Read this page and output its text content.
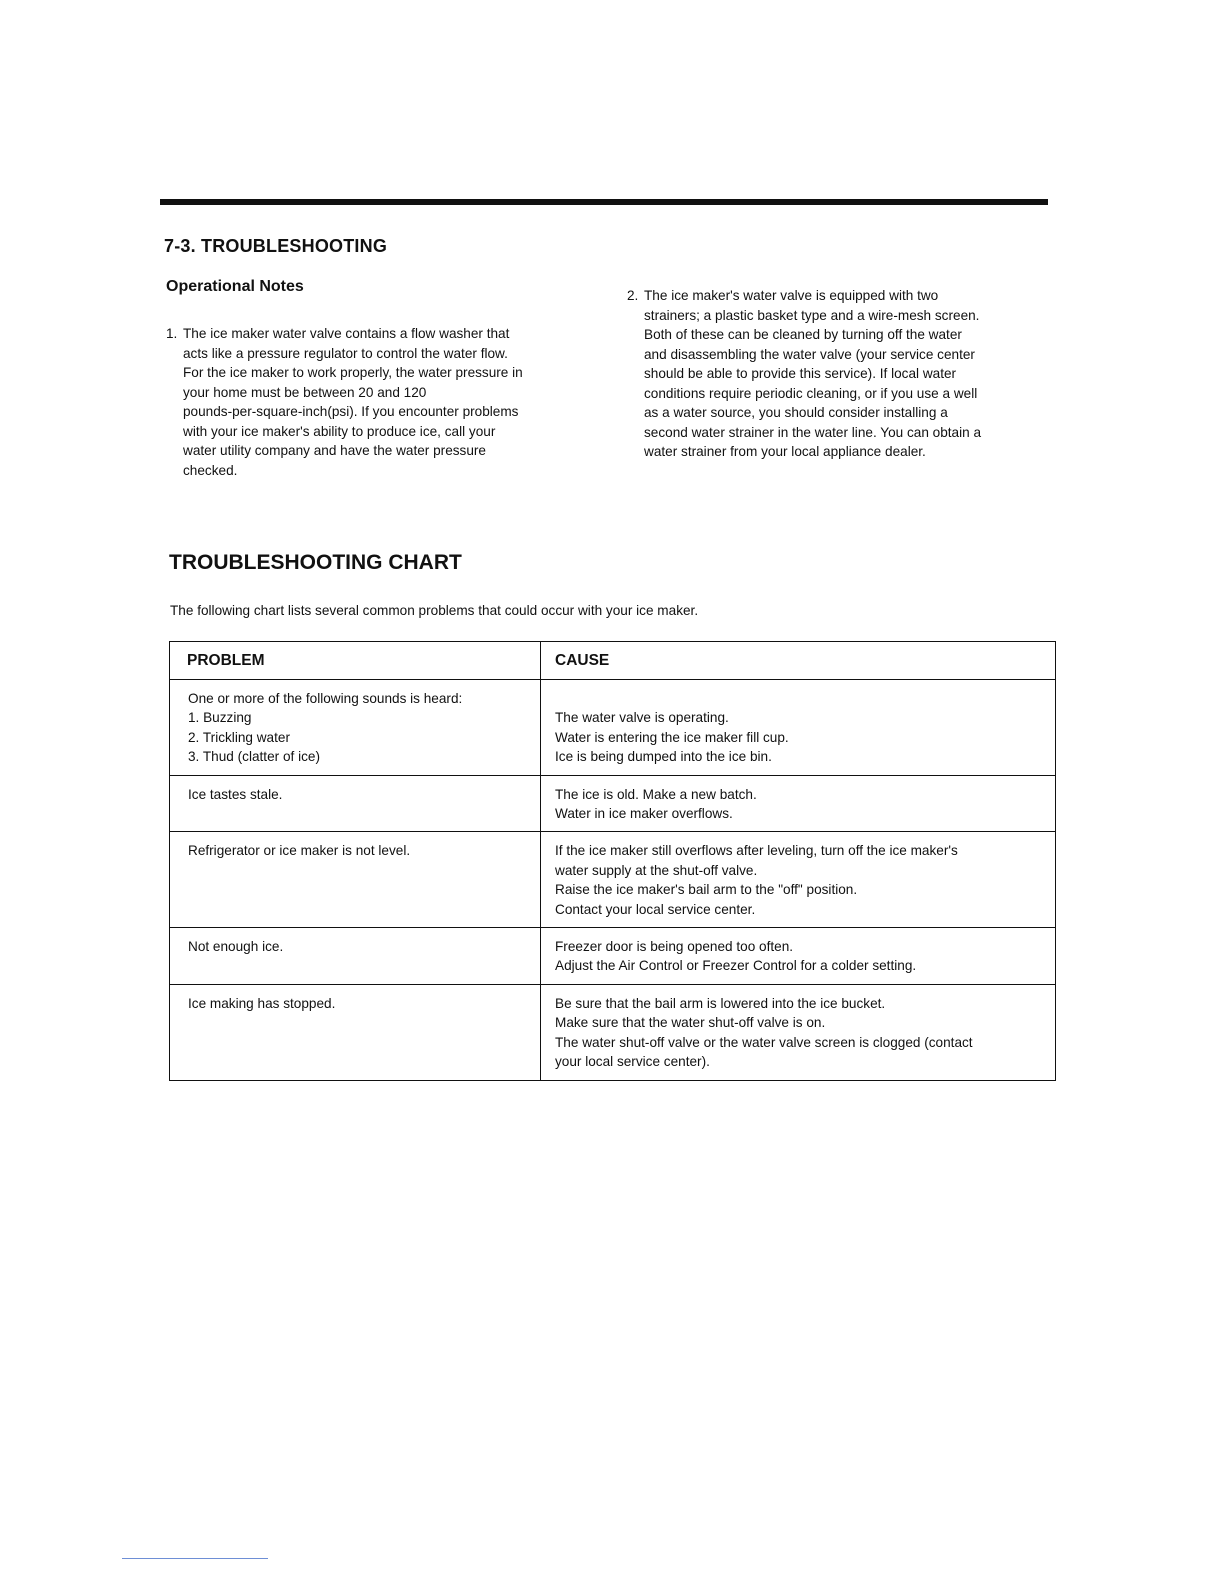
7-3. TROUBLESHOOTING
Operational Notes
1. The ice maker water valve contains a flow washer that
acts like a pressure regulator to control the water flow.
For the ice maker to work properly, the water pressure in
your home must be between 20 and 120
pounds-per-square-inch(psi). If you encounter problems
with your ice maker's ability to produce ice, call your
water utility company and have the water pressure
checked.
2. The ice maker's water valve is equipped with two
strainers; a plastic basket type and a wire-mesh screen.
Both of these can be cleaned by turning off the water
and disassembling the water valve (your service center
should be able to provide this service). If local water
conditions require periodic cleaning, or if you use a well
as a water source, you should consider installing a
second water strainer in the water line. You can obtain a
water strainer from your local appliance dealer.
TROUBLESHOOTING CHART
The following chart lists several common problems that could occur with your ice maker.
PROBLEM	CAUSE

One or more of the following sounds is heard:
1. Buzzing
2. Trickling water
3. Thud (clatter of ice)	The water valve is operating.
Water is entering the ice maker fill cup.
Ice is being dumped into the ice bin.

Ice tastes stale.	The ice is old. Make a new batch.
Water in ice maker overflows.

Refrigerator or ice maker is not level.	If the ice maker still overflows after leveling, turn off the ice maker's
water supply at the shut-off valve.
Raise the ice maker's bail arm to the "off" position.
Contact your local service center.

Not enough ice.	Freezer door is being opened too often.
Adjust the Air Control or Freezer Control for a colder setting.

Ice making has stopped.	Be sure that the bail arm is lowered into the ice bucket.
Make sure that the water shut-off valve is on.
The water shut-off valve or the water valve screen is clogged (contact
your local service center).
